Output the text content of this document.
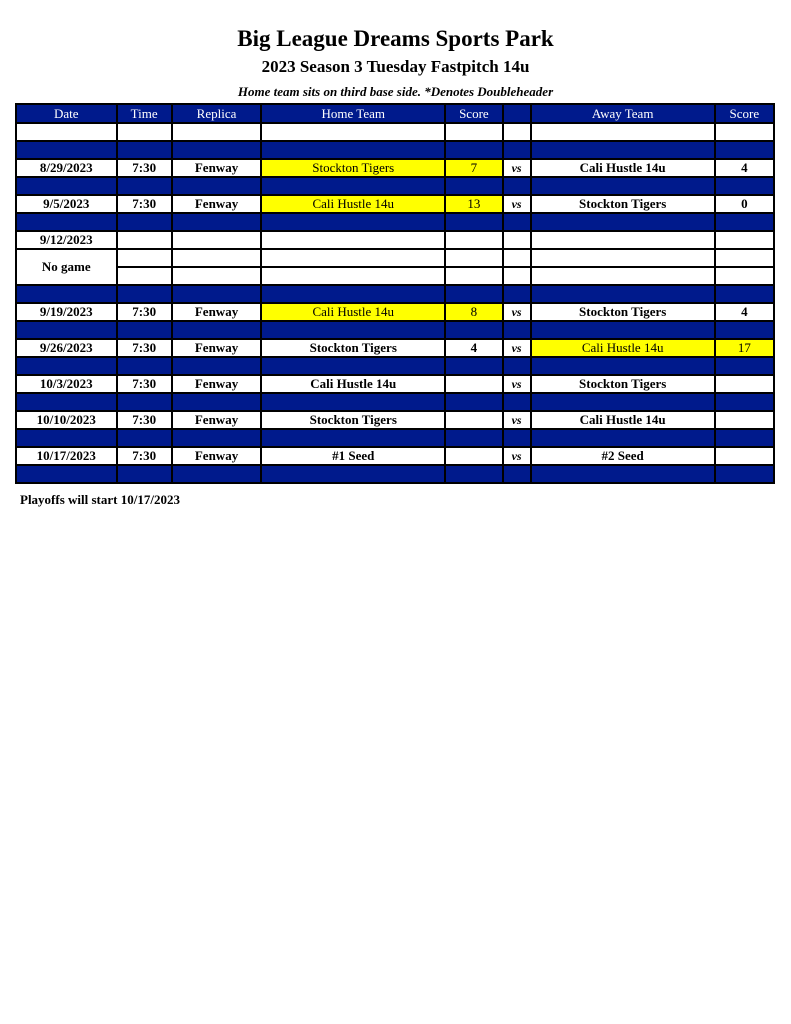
Big League Dreams Sports Park
2023 Season 3 Tuesday Fastpitch 14u
Home team sits on third base side. *Denotes Doubleheader
Date	Time	Replica	Home Team	Score		Away Team	Score

8/29/2023	7:30	Fenway	Stockton Tigers	7	vs	Cali Hustle 14u	4

9/5/2023	7:30	Fenway	Cali Hustle 14u	13	vs	Stockton Tigers	0

9/12/2023							
No game							

9/19/2023	7:30	Fenway	Cali Hustle 14u	8	vs	Stockton Tigers	4

9/26/2023	7:30	Fenway	Stockton Tigers	4	vs	Cali Hustle 14u	17

10/3/2023	7:30	Fenway	Cali Hustle 14u		vs	Stockton Tigers	

10/10/2023	7:30	Fenway	Stockton Tigers		vs	Cali Hustle 14u	

10/17/2023	7:30	Fenway	#1 Seed		vs	#2 Seed	

Playoffs will start 10/17/2023
